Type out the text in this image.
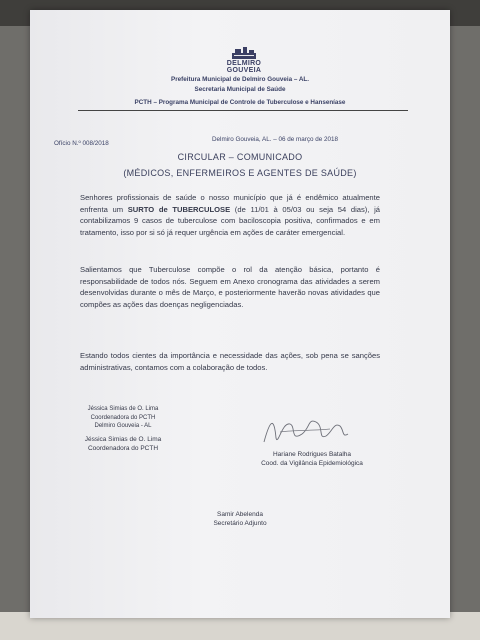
DELMIRO
GOUVEIA
Prefeitura Municipal de Delmiro Gouveia – AL.
Secretaria Municipal de Saúde
PCTH – Programa Municipal de Controle de Tuberculose e Hanseníase
Ofício N.º 008/2018
Delmiro Gouveia, AL. – 06 de março de 2018
CIRCULAR – COMUNICADO
(MÉDICOS, ENFERMEIROS E AGENTES DE SAÚDE)
Senhores profissionais de saúde o nosso município que já é endêmico atualmente enfrenta um SURTO de TUBERCULOSE (de 11/01 à 05/03 ou seja 54 dias), já contabilizamos 9 casos de tuberculose com baciloscopia positiva, confirmados e em tratamento, isso por si só já requer urgência em ações de caráter emergencial.
Salientamos que Tuberculose compõe o rol da atenção básica, portanto é responsabilidade de todos nós. Seguem em Anexo cronograma das atividades a serem desenvolvidas durante o mês de Março, e posteriormente haverão novas atividades que compões as ações das doenças negligenciadas.
Estando todos cientes da importância e necessidade das ações, sob pena se sanções administrativas, contamos com a colaboração de todos.
Jéssica Simias de O. Lima
Coordenadora do PCTH
Delmiro Gouveia - AL
Jéssica Simias de O. Lima
Coordenadora do PCTH
Hariane Rodrigues Batalha
Cood. da Vigilância Epidemiológica
Samir Abelenda
Secretário Adjunto
